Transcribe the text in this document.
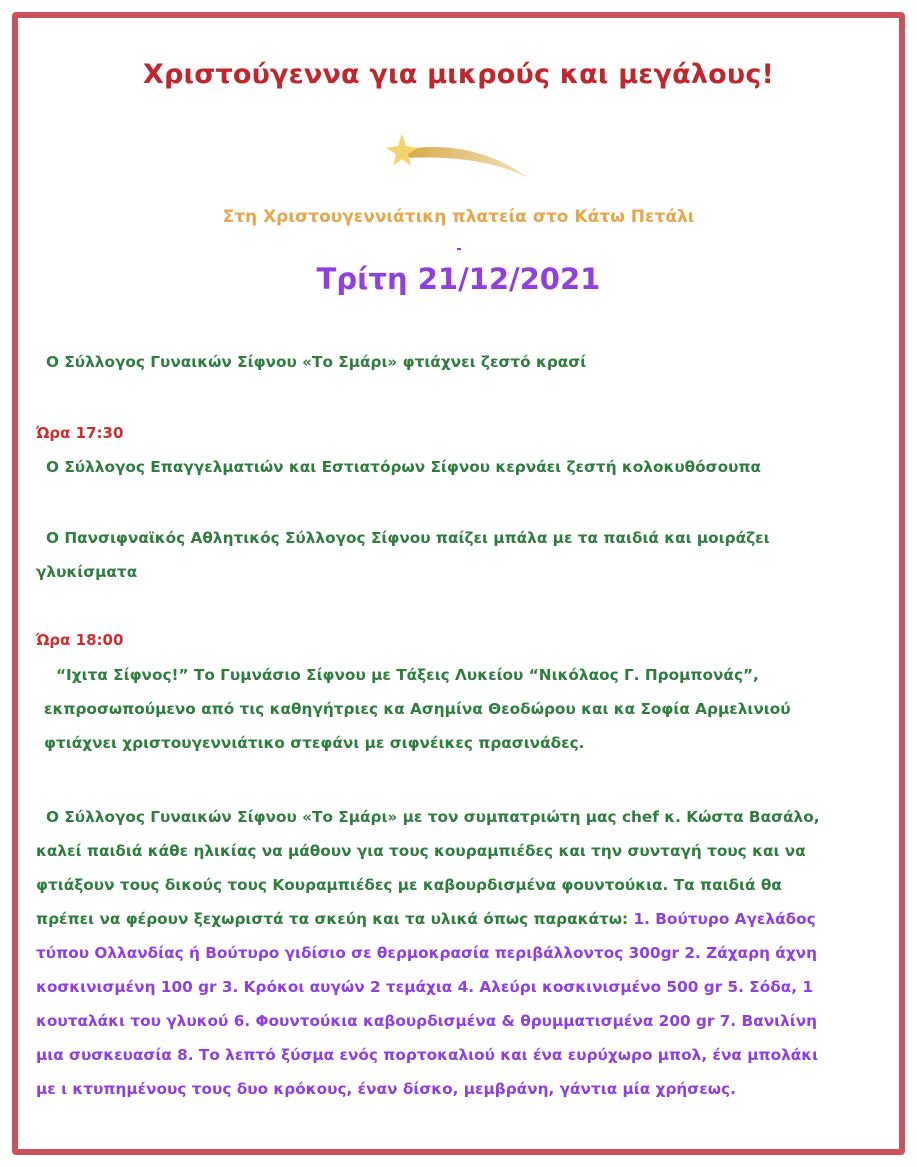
Χριστούγεννα για μικρούς και μεγάλους!
Στη Χριστουγεννιάτικη πλατεία στο Κάτω Πετάλι
Τρίτη 21/12/2021
Ο Σύλλογος Γυναικών Σίφνου «Το Σμάρι» φτιάχνει ζεστό κρασί
Ώρα 17:30
Ο Σύλλογος Επαγγελματιών και Εστιατόρων Σίφνου κερνάει ζεστή κολοκυθόσουπα
Ο Πανσιφναϊκός Αθλητικός Σύλλογος Σίφνου παίζει μπάλα με τα παιδιά και μοιράζει
γλυκίσματα
Ώρα 18:00
“Ιχιτα Σίφνος!” Το Γυμνάσιο Σίφνου με Τάξεις Λυκείου “Νικόλαος Γ. Προμπονάς”,
εκπροσωπούμενο από τις καθηγήτριες κα Ασημίνα Θεοδώρου και κα Σοφία Αρμελινιού
φτιάχνει χριστουγεννιάτικο στεφάνι με σιφνέικες πρασινάδες.
Ο Σύλλογος Γυναικών Σίφνου «Το Σμάρι» με τον συμπατριώτη μας chef κ. Κώστα Βασάλο,
καλεί παιδιά κάθε ηλικίας να μάθουν για τους κουραμπιέδες και την συνταγή τους και να
φτιάξουν τους δικούς τους Κουραμπιέδες με καβουρδισμένα φουντούκια. Τα παιδιά θα
πρέπει να φέρουν ξεχωριστά τα σκεύη και τα υλικά όπως παρακάτω: 1. Βούτυρο Αγελάδος
τύπου Ολλανδίας ή Βούτυρο γιδίσιο σε θερμοκρασία περιβάλλοντος 300gr 2. Ζάχαρη άχνη
κοσκινισμένη 100 gr 3. Κρόκοι αυγών 2 τεμάχια 4. Αλεύρι κοσκινισμένο 500 gr 5. Σόδα, 1
κουταλάκι του γλυκού 6. Φουντούκια καβουρδισμένα & θρυμματισμένα 200 gr 7. Βανιλίνη
μια συσκευασία 8. Το λεπτό ξύσμα ενός πορτοκαλιού και ένα ευρύχωρο μπολ, ένα μπολάκι
με ι κτυπημένους τους δυο κρόκους, έναν δίσκο, μεμβράνη, γάντια μία χρήσεως.
